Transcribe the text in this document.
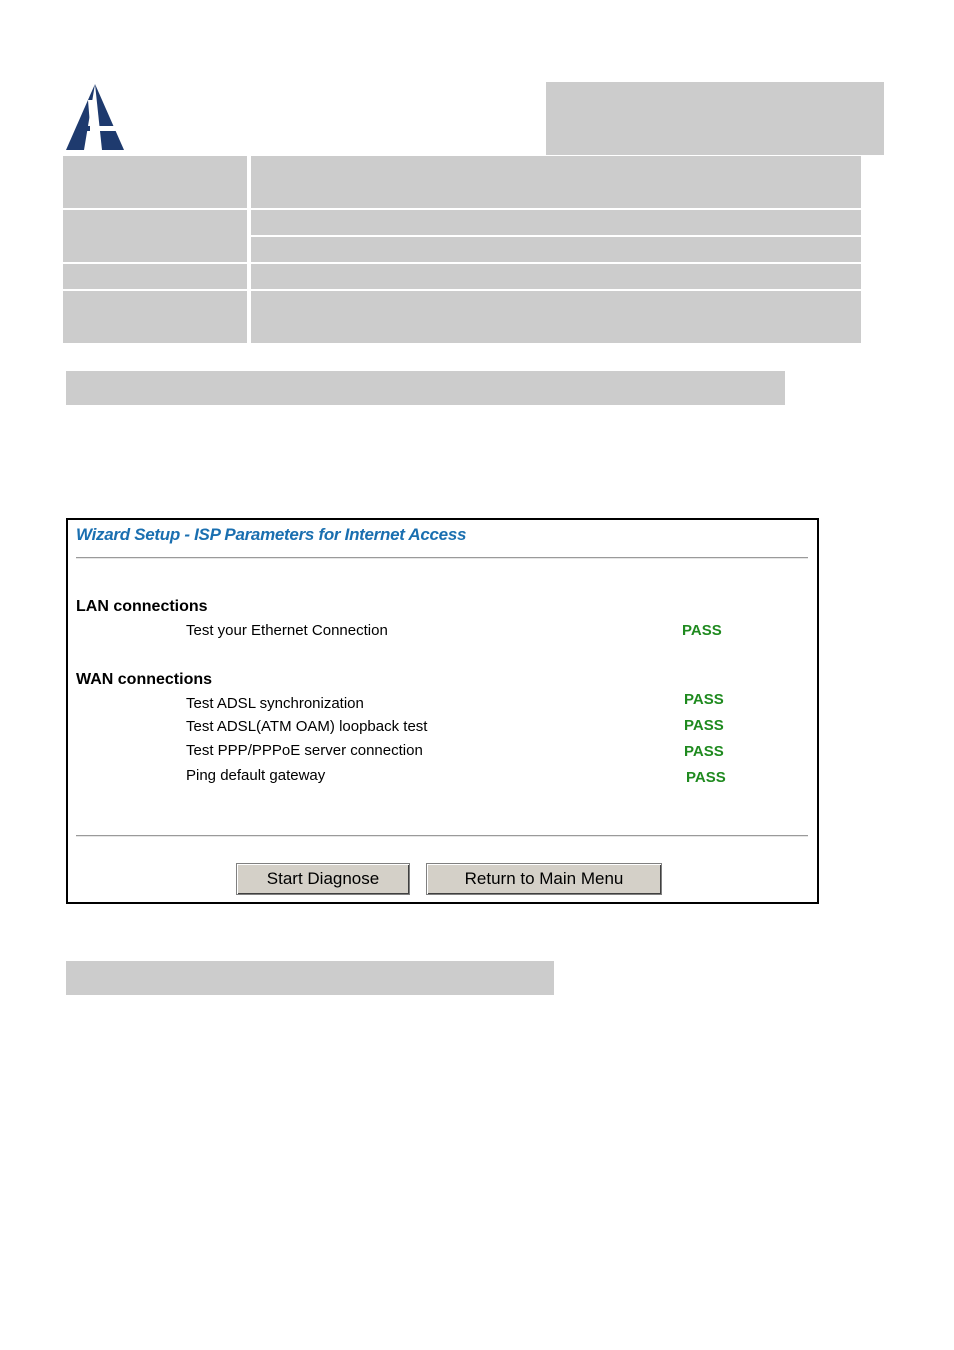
Wizard Setup - ISP Parameters for Internet Access
LAN connections
Test your Ethernet Connection	PASS
WAN connections
Test ADSL synchronization	PASS
Test ADSL(ATM OAM) loopback test	PASS
Test PPP/PPPoE server connection	PASS
Ping default gateway	PASS
Start Diagnose	Return to Main Menu
